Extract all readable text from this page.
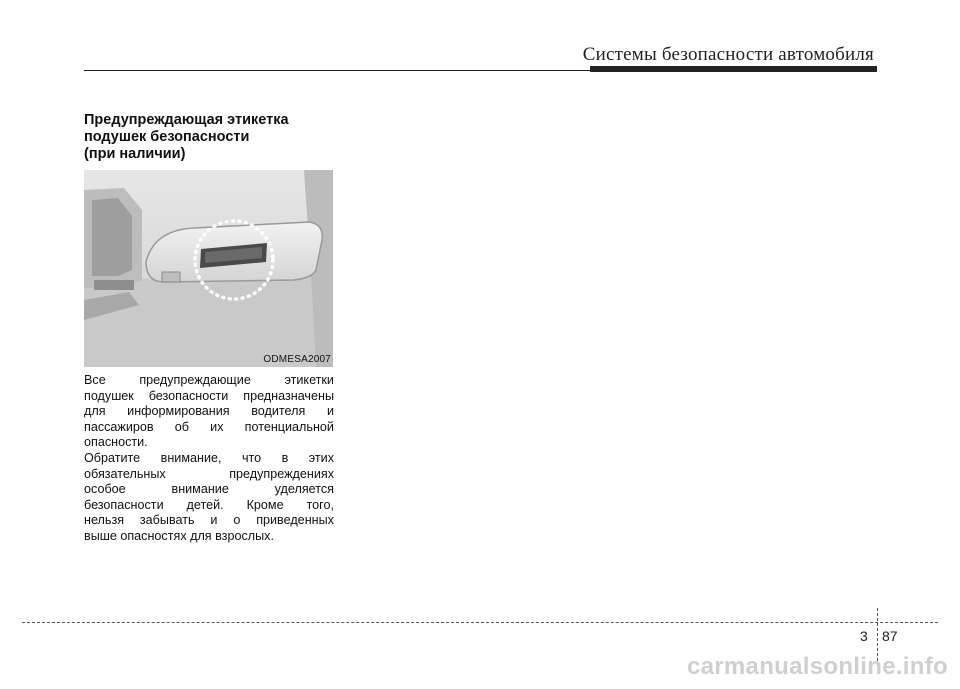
Системы безопасности автомобиля
Предупреждающая этикетка
подушек безопасности
(при наличии)
ODMESA2007
Все	предупреждающие	этикетки
подушек безопасности предназначены
для информирования водителя и
пассажиров об их потенциальной
опасности.
Обратите внимание, что в этих
обязательных	предупреждениях
особое	внимание	уделяется
безопасности детей. Кроме того,
нельзя забывать и о приведенных
выше опасностях для взрослых.
3 87
carmanualsonline.info
